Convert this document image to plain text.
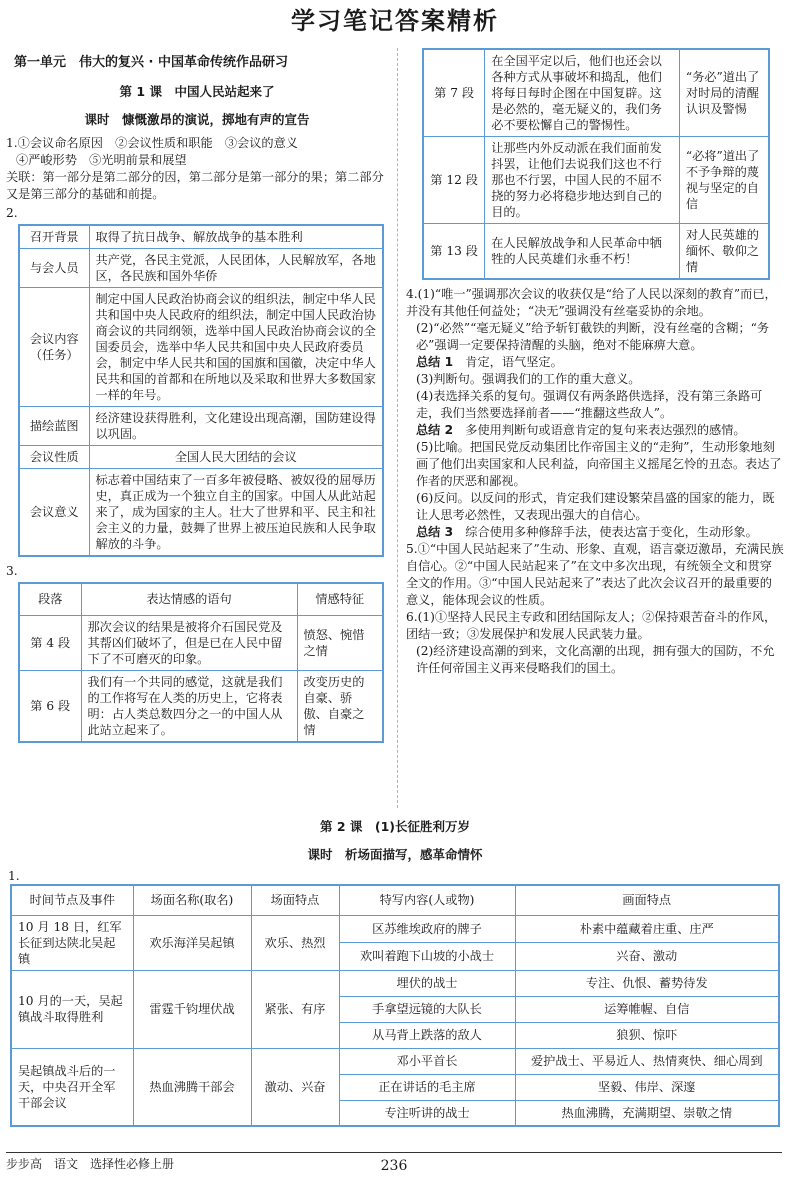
学习笔记答案精析
第一单元　伟大的复兴 · 中国革命传统作品研习
第 1 课　中国人民站起来了
课时　慷慨激昂的演说，掷地有声的宣告
1.①会议命名原因　②会议性质和职能　③会议的意义
④严峻形势　⑤光明前景和展望
关联：第一部分是第二部分的因，第二部分是第一部分的果；第二部分又是第三部分的基础和前提。
2.
召开背景	取得了抗日战争、解放战争的基本胜利
与会人员	共产党，各民主党派，人民团体，人民解放军，各地区，各民族和国外华侨
会议内容（任务）	制定中国人民政治协商会议的组织法，制定中华人民共和国中央人民政府的组织法，制定中国人民政治协商会议的共同纲领，选举中国人民政治协商会议的全国委员会，选举中华人民共和国中央人民政府委员会，制定中华人民共和国的国旗和国徽，决定中华人民共和国的首都和在所地以及采取和世界大多数国家一样的年号。
描绘蓝图	经济建设获得胜利，文化建设出现高潮，国防建设得以巩固。
会议性质	全国人民大团结的会议
会议意义	标志着中国结束了一百多年被侵略、被奴役的屈辱历史，真正成为一个独立自主的国家。中国人从此站起来了，成为国家的主人。壮大了世界和平、民主和社会主义的力量，鼓舞了世界上被压迫民族和人民争取解放的斗争。
3.
段落	表达情感的语句	情感特征
第 4 段	那次会议的结果是被将介石国民党及其帮凶们破坏了，但是已在人民中留下了不可磨灭的印象。	愤怒、惋惜之情
第 6 段	我们有一个共同的感觉，这就是我们的工作将写在人类的历史上，它将表明：占人类总数四分之一的中国人从此站立起来了。	改变历史的自豪、骄傲、自豪之情
第 7 段	在全国平定以后，他们也还会以各种方式从事破坏和捣乱，他们将每日每时企图在中国复辟。这是必然的，毫无疑义的，我们务必不要松懈自己的警惕性。	“务必”道出了对时局的清醒认识及警惕
第 12 段	让那些内外反动派在我们面前发抖罢，让他们去说我们这也不行那也不行罢，中国人民的不屈不挠的努力必将稳步地达到自己的目的。	“必将”道出了不予争辩的蔑视与坚定的自信
第 13 段	在人民解放战争和人民革命中牺牲的人民英雄们永垂不朽！	对人民英雄的缅怀、敬仰之情
4.(1)“唯一”强调那次会议的收获仅是“给了人民以深刻的教育”而已，并没有其他任何益处；“决无”强调没有丝毫妥协的余地。
(2)“必然”“毫无疑义”给予斩钉截铁的判断，没有丝毫的含糊；“务必”强调一定要保持清醒的头脑，绝对不能麻痹大意。
总结 1　肯定，语气坚定。
(3)判断句。强调我们的工作的重大意义。
(4)表选择关系的复句。强调仅有两条路供选择，没有第三条路可走，我们当然要选择前者——“推翻这些敌人”。
总结 2　多使用判断句或语意肯定的复句来表达强烈的感情。
(5)比喻。把国民党反动集团比作帝国主义的“走狗”，生动形象地刻画了他们出卖国家和人民利益，向帝国主义摇尾乞怜的丑态。表达了作者的厌恶和鄙视。
(6)反问。以反问的形式，肯定我们建设繁荣昌盛的国家的能力，既让人思考必然性，又表现出强大的自信心。
总结 3　综合使用多种修辞手法，使表达富于变化，生动形象。
5.①“中国人民站起来了”生动、形象、直观，语言豪迈激昂，充满民族自信心。②“中国人民站起来了”在文中多次出现，有统领全文和贯穿全文的作用。③“中国人民站起来了”表达了此次会议召开的最重要的意义，能体现会议的性质。
6.(1)①坚持人民民主专政和团结国际友人；②保持艰苦奋斗的作风，团结一致；③发展保护和发展人民武装力量。
(2)经济建设高潮的到来，文化高潮的出现，拥有强大的国防，不允许任何帝国主义再来侵略我们的国土。
第 2 课　(1)长征胜利万岁
课时　析场面描写，感革命情怀
1.
时间节点及事件	场面名称(取名)	场面特点	特写内容(人或物)	画面特点
10 月 18 日，红军长征到达陕北吴起镇	欢乐海洋吴起镇	欢乐、热烈	区苏维埃政府的牌子	朴素中蕴藏着庄重、庄严
			欢叫着跑下山坡的小战士	兴奋、激动
10 月的一天，吴起镇战斗取得胜利	雷霆千钧埋伏战	紧张、有序	埋伏的战士	专注、仇恨、蓄势待发
			手拿望远镜的大队长	运筹帷幄、自信
			从马背上跌落的敌人	狼狈、惊吓
吴起镇战斗后的一天，中央召开全军干部会议	热血沸腾干部会	激动、兴奋	邓小平首长	爱护战士、平易近人、热情爽快、细心周到
			正在讲话的毛主席	坚毅、伟岸、深邃
			专注听讲的战士	热血沸腾，充满期望、崇敬之情
步步高　语文　选择性必修上册	236
